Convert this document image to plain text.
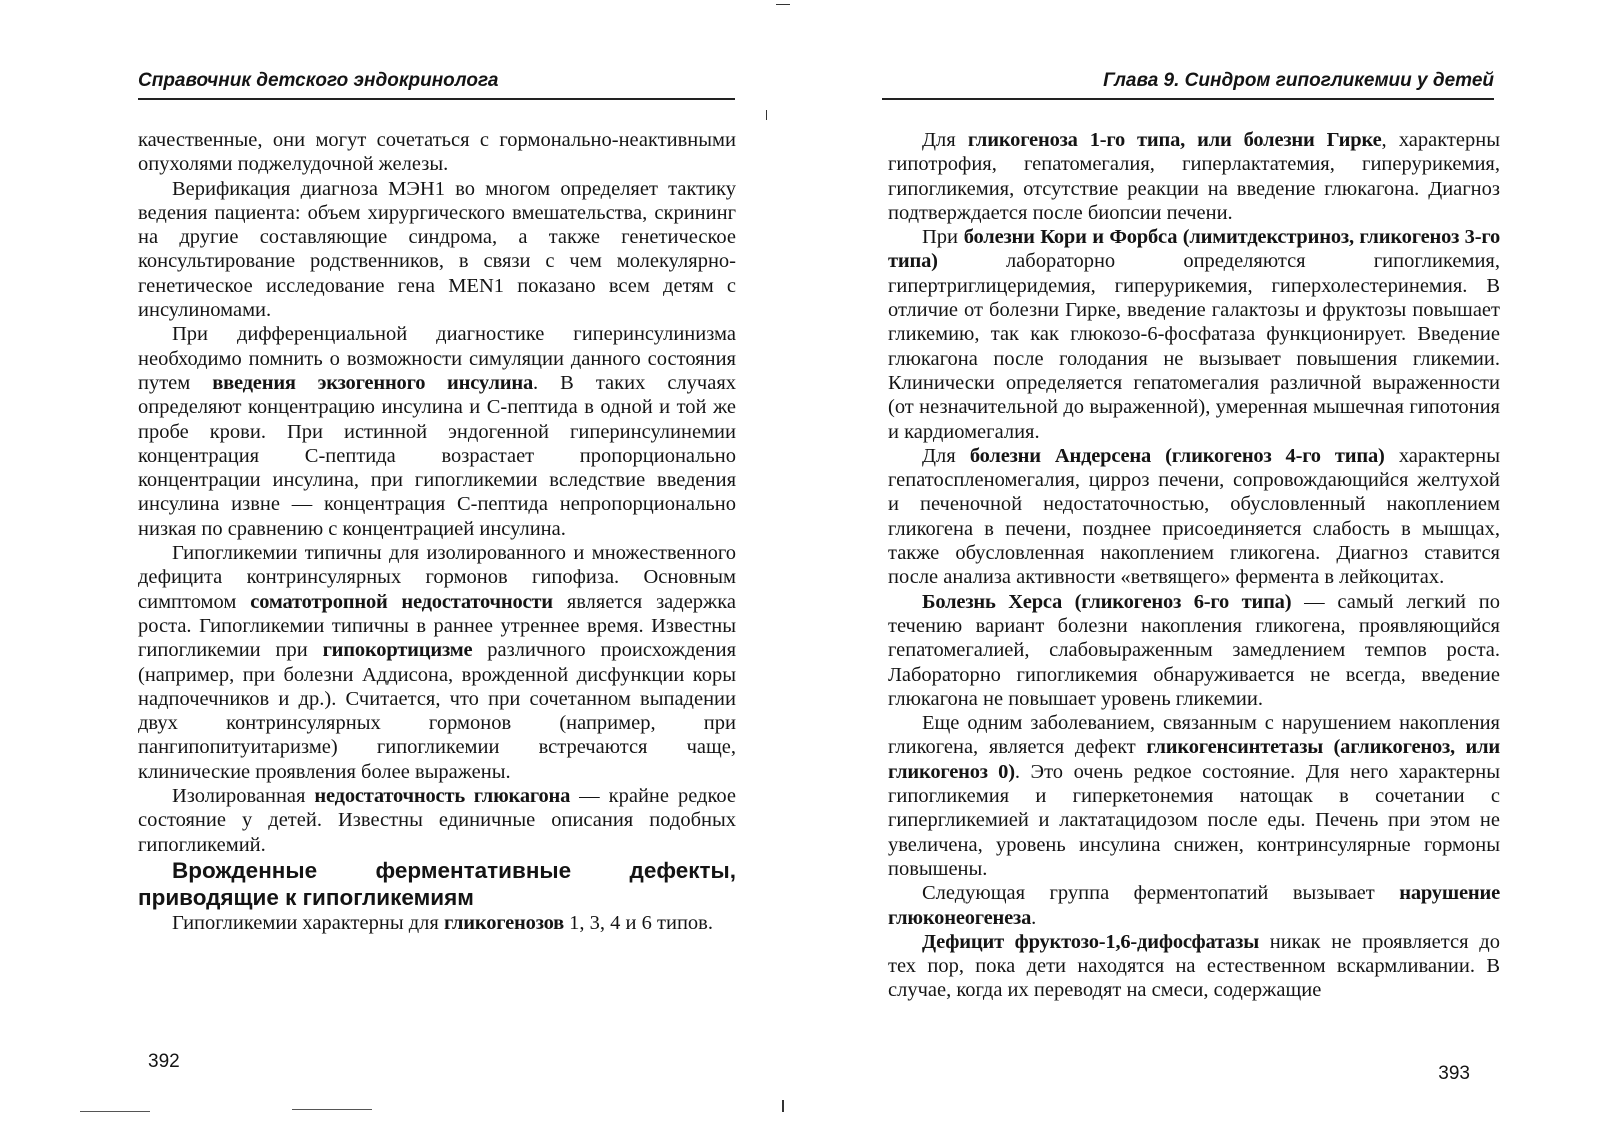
Справочник детского эндокринолога

качественные, они могут сочетаться с гормонально-неактивными опухолями поджелудочной железы.

Верификация диагноза МЭН1 во многом определяет тактику ведения пациента: объем хирургического вмешательства, скрининг на другие составляющие синдрома, а также генетическое консультирование родственников, в связи с чем молекулярно-генетическое исследование гена MEN1 показано всем детям с инсулиномами.

При дифференциальной диагностике гиперинсулинизма необходимо помнить о возможности симуляции данного состояния путем введения экзогенного инсулина. В таких случаях определяют концентрацию инсулина и С-пептида в одной и той же пробе крови. При истинной эндогенной гиперинсулинемии концентрация С-пептида возрастает пропорционально концентрации инсулина, при гипогликемии вследствие введения инсулина извне — концентрация С-пептида непропорционально низкая по сравнению с концентрацией инсулина.

Гипогликемии типичны для изолированного и множественного дефицита контринсулярных гормонов гипофиза. Основным симптомом соматотропной недостаточности является задержка роста. Гипогликемии типичны в раннее утреннее время. Известны гипогликемии при гипокортицизме различного происхождения (например, при болезни Аддисона, врожденной дисфункции коры надпочечников и др.). Считается, что при сочетанном выпадении двух контринсулярных гормонов (например, при пангипопитуитаризме) гипогликемии встречаются чаще, клинические проявления более выражены.

Изолированная недостаточность глюкагона — крайне редкое состояние у детей. Известны единичные описания подобных гипогликемий.

Врожденные ферментативные дефекты, приводящие к гипогликемиям

Гипогликемии характерны для гликогенозов 1, 3, 4 и 6 типов.

392
Глава 9. Синдром гипогликемии у детей

Для гликогеноза 1-го типа, или болезни Гирке, характерны гипотрофия, гепатомегалия, гиперлактатемия, гиперурикемия, гипогликемия, отсутствие реакции на введение глюкагона. Диагноз подтверждается после биопсии печени.

При болезни Кори и Форбса (лимитдекстриноз, гликогеноз 3-го типа) лабораторно определяются гипогликемия, гипертриглицеридемия, гиперурикемия, гиперхолестеринемия. В отличие от болезни Гирке, введение галактозы и фруктозы повышает гликемию, так как глюкозо-6-фосфатаза функционирует. Введение глюкагона после голодания не вызывает повышения гликемии. Клинически определяется гепатомегалия различной выраженности (от незначительной до выраженной), умеренная мышечная гипотония и кардиомегалия.

Для болезни Андерсена (гликогеноз 4-го типа) характерны гепатоспленомегалия, цирроз печени, сопровождающийся желтухой и печеночной недостаточностью, обусловленный накоплением гликогена в печени, позднее присоединяется слабость в мышцах, также обусловленная накоплением гликогена. Диагноз ставится после анализа активности «ветвящего» фермента в лейкоцитах.

Болезнь Херса (гликогеноз 6-го типа) — самый легкий по течению вариант болезни накопления гликогена, проявляющийся гепатомегалией, слабовыраженным замедлением темпов роста. Лабораторно гипогликемия обнаруживается не всегда, введение глюкагона не повышает уровень гликемии.

Еще одним заболеванием, связанным с нарушением накопления гликогена, является дефект гликогенсинтетазы (агликогеноз, или гликогеноз 0). Это очень редкое состояние. Для него характерны гипогликемия и гиперкетонемия натощак в сочетании с гипергликемией и лактатацидозом после еды. Печень при этом не увеличена, уровень инсулина снижен, контринсулярные гормоны повышены.

Следующая группа ферментопатий вызывает нарушение глюконеогенеза.

Дефицит фруктозо-1,6-дифосфатазы никак не проявляется до тех пор, пока дети находятся на естественном вскармливании. В случае, когда их переводят на смеси, содержащие

393
